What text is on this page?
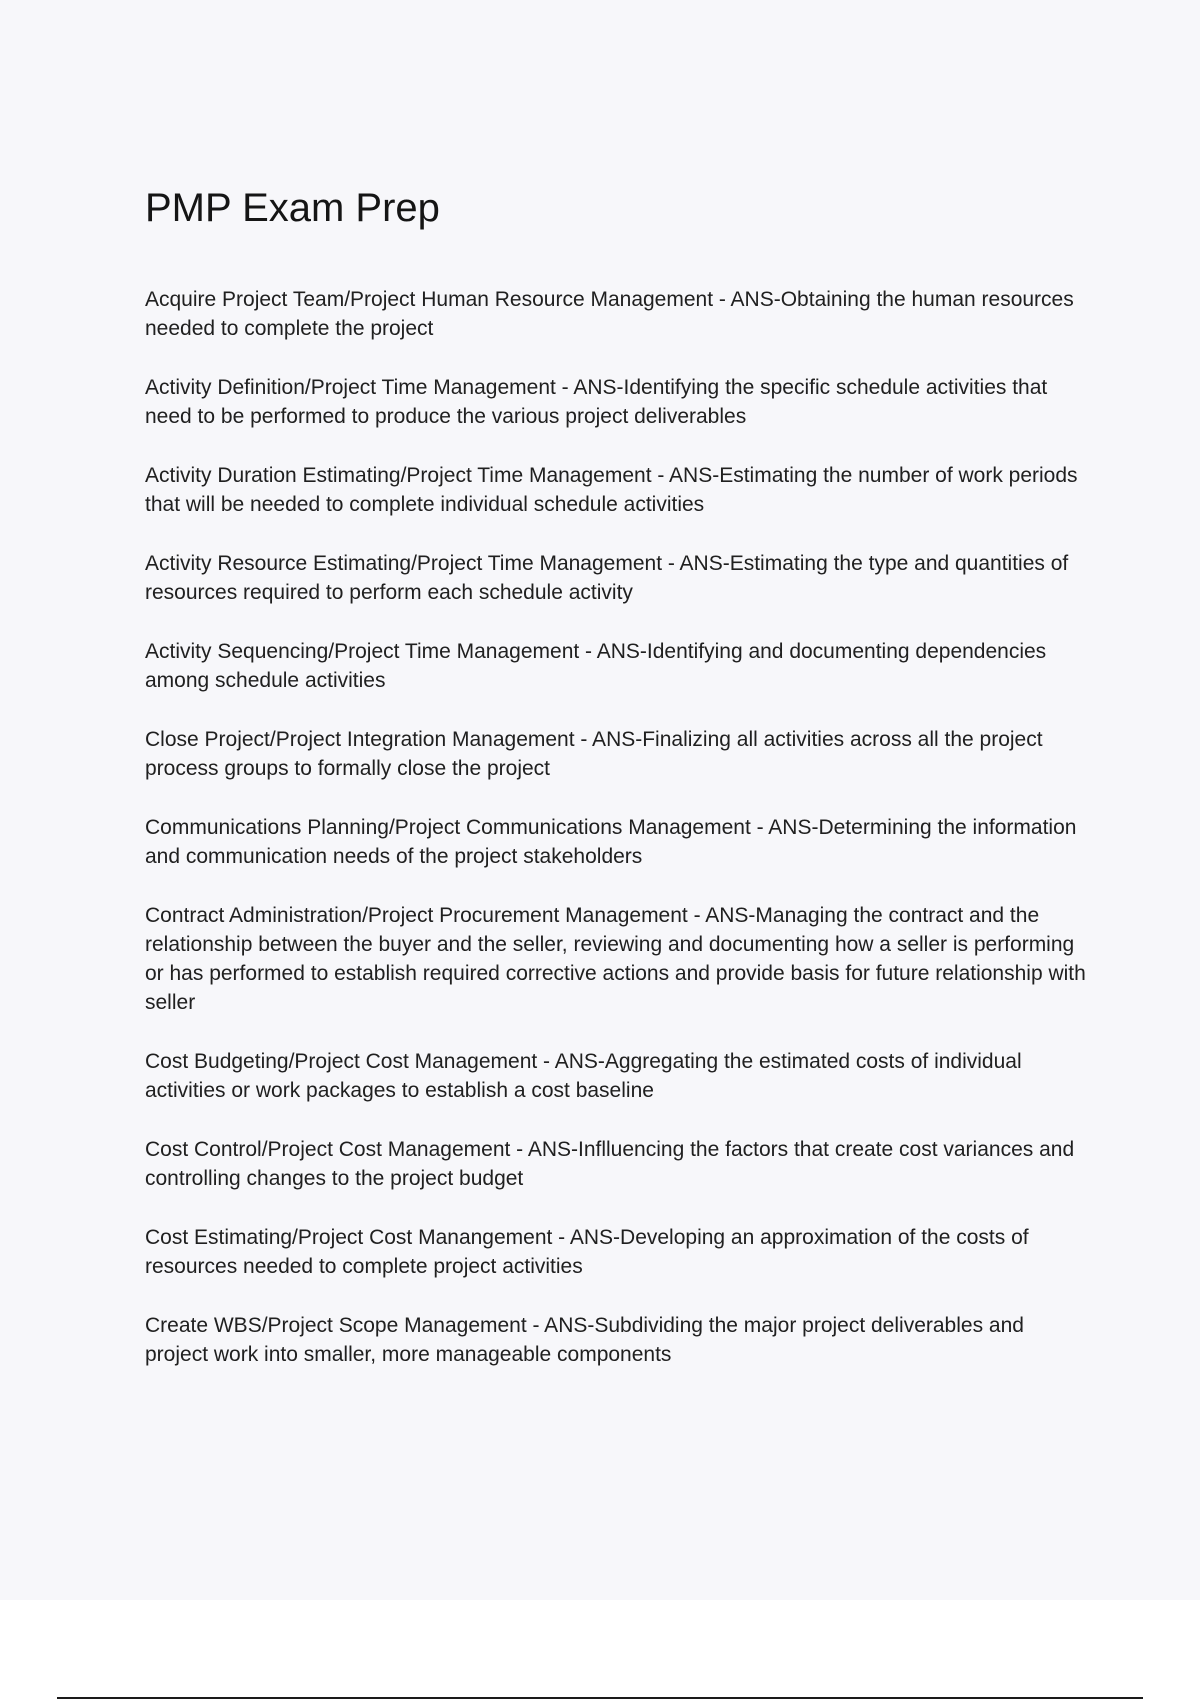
PMP Exam Prep

Acquire Project Team/Project Human Resource Management - ANS-Obtaining the human resources needed to complete the project

Activity Definition/Project Time Management - ANS-Identifying the specific schedule activities that need to be performed to produce the various project deliverables

Activity Duration Estimating/Project Time Management - ANS-Estimating the number of work periods that will be needed to complete individual schedule activities

Activity Resource Estimating/Project Time Management - ANS-Estimating the type and quantities of resources required to perform each schedule activity

Activity Sequencing/Project Time Management - ANS-Identifying and documenting dependencies among schedule activities

Close Project/Project Integration Management - ANS-Finalizing all activities across all the project process groups to formally close the project

Communications Planning/Project Communications Management - ANS-Determining the information and communication needs of the project stakeholders

Contract Administration/Project Procurement Management - ANS-Managing the contract and the relationship between the buyer and the seller, reviewing and documenting how a seller is performing or has performed to establish required corrective actions and provide basis for future relationship with seller

Cost Budgeting/Project Cost Management - ANS-Aggregating the estimated costs of individual activities or work packages to establish a cost baseline

Cost Control/Project Cost Management - ANS-Inflluencing the factors that create cost variances and controlling changes to the project budget

Cost Estimating/Project Cost Manangement - ANS-Developing an approximation of the costs of resources needed to complete project activities

Create WBS/Project Scope Management - ANS-Subdividing the major project deliverables and project work into smaller, more manageable components
